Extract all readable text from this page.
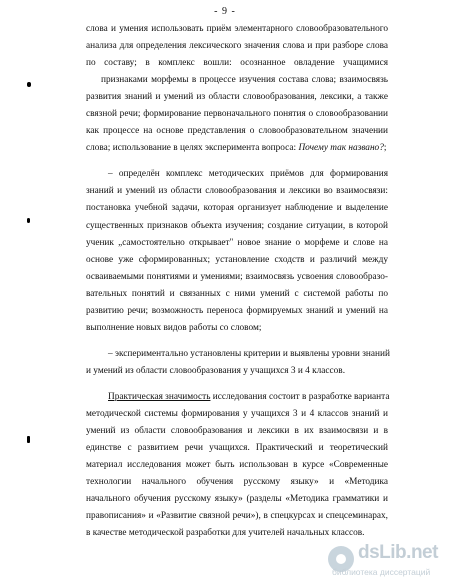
- 9 -
слова и умения использовать приём элементарного словообразовательного
анализа для определения лексического значения слова и при разборе слова
по составу; в комплекс вошли: осознанное овладение учащимися
признаками морфемы в процессе изучения состава слова; взаимосвязь
развития знаний и умений из области словообразования, лексики, а также
связной речи; формирование первоначального понятия о словообразовании
как процессе на основе представления о словообразовательном значении
слова; использование в целях эксперимента вопроса: Почему так названо?;
– определён комплекс методических приёмов для формирования
знаний и умений из области словообразования и лексики во взаимосвязи:
постановка учебной задачи, которая организует наблюдение и выделение
существенных признаков объекта изучения; создание ситуации, в которой
ученик „самостоятельно открывает" новое знание о морфеме и слове на
основе уже сформированных; установление сходств и различий между
осваиваемыми понятиями и умениями; взаимосвязь усвоения словообразо-
вательных понятий и связанных с ними умений с системой работы по
развитию речи; возможность переноса формируемых знаний и умений на
выполнение новых видов работы со словом;
– экспериментально установлены критерии и выявлены уровни знаний
и умений из области словообразования у учащихся 3 и 4 классов.
Практическая значимость исследования состоит в разработке варианта
методической системы формирования у учащихся 3 и 4 классов знаний и
умений из области словообразования и лексики в их взаимосвязи и в
единстве с развитием речи учащихся. Практический и теоретический
материал исследования может быть использован в курсе «Современные
технологии начального обучения русскому языку» и «Методика
начального обучения русскому языку» (разделы «Методика грамматики и
правописания» и «Развитие связной речи»), в спецкурсах и спецсеминарах,
в качестве методической разработки для учителей начальных классов.
dsLib.net
библиотека диссертаций
